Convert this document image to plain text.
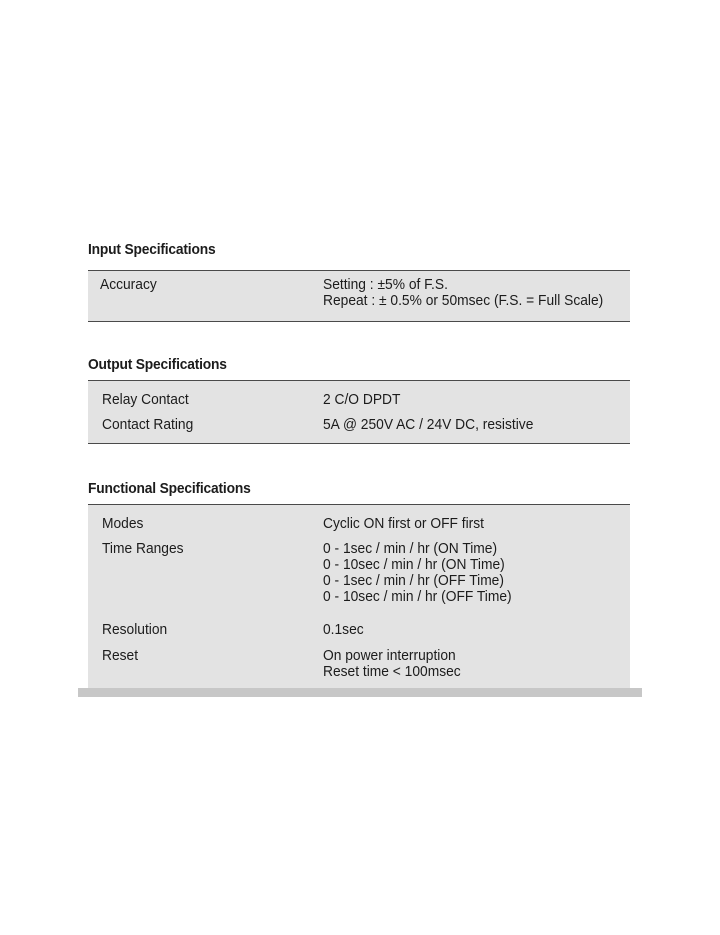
Input Specifications
Accuracy	Setting : ±5% of F.S.
Repeat : ± 0.5% or 50msec (F.S. = Full Scale)
Output Specifications
Relay Contact	2 C/O DPDT
Contact Rating	5A @ 250V AC / 24V DC, resistive
Functional Specifications
Modes	Cyclic ON first or OFF first
Time Ranges	0 - 1sec / min / hr (ON Time)
0 - 10sec / min / hr (ON Time)
0 - 1sec / min / hr (OFF Time)
0 - 10sec / min / hr (OFF Time)
Resolution	0.1sec
Reset	On power interruption
Reset time < 100msec
